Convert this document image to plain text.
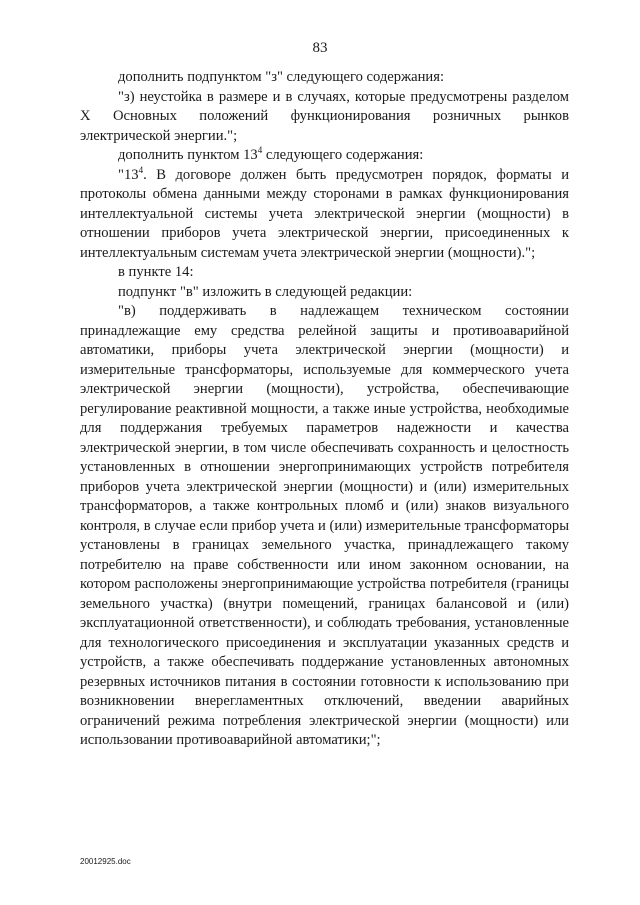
83

дополнить подпунктом "з" следующего содержания:

"з) неустойка в размере и в случаях, которые предусмотрены разделом X Основных положений функционирования розничных рынков электрической энергии.";

дополнить пунктом $13^4$ следующего содержания:

"$13^4$. В договоре должен быть предусмотрен порядок, форматы и протоколы обмена данными между сторонами в рамках функционирования интеллектуальной системы учета электрической энергии (мощности) в отношении приборов учета электрической энергии, присоединенных к интеллектуальным системам учета электрической энергии (мощности).";

в пункте 14:

подпункт "в" изложить в следующей редакции:

"в) поддерживать в надлежащем техническом состоянии принадлежащие ему средства релейной защиты и противоаварийной автоматики, приборы учета электрической энергии (мощности) и измерительные трансформаторы, используемые для коммерческого учета электрической энергии (мощности), устройства, обеспечивающие регулирование реактивной мощности, а также иные устройства, необходимые для поддержания требуемых параметров надежности и качества электрической энергии, в том числе обеспечивать сохранность и целостность установленных в отношении энергопринимающих устройств потребителя приборов учета электрической энергии (мощности) и (или) измерительных трансформаторов, а также контрольных пломб и (или) знаков визуального контроля, в случае если прибор учета и (или) измерительные трансформаторы установлены в границах земельного участка, принадлежащего такому потребителю на праве собственности или ином законном основании, на котором расположены энергопринимающие устройства потребителя (границы земельного участка) (внутри помещений, границах балансовой и (или) эксплуатационной ответственности), и соблюдать требования, установленные для технологического присоединения и эксплуатации указанных средств и устройств, а также обеспечивать поддержание установленных автономных резервных источников питания в состоянии готовности к использованию при возникновении внерегламентных отключений, введении аварийных ограничений режима потребления электрической энергии (мощности) или использовании противоаварийной автоматики;";

20012925.doc
